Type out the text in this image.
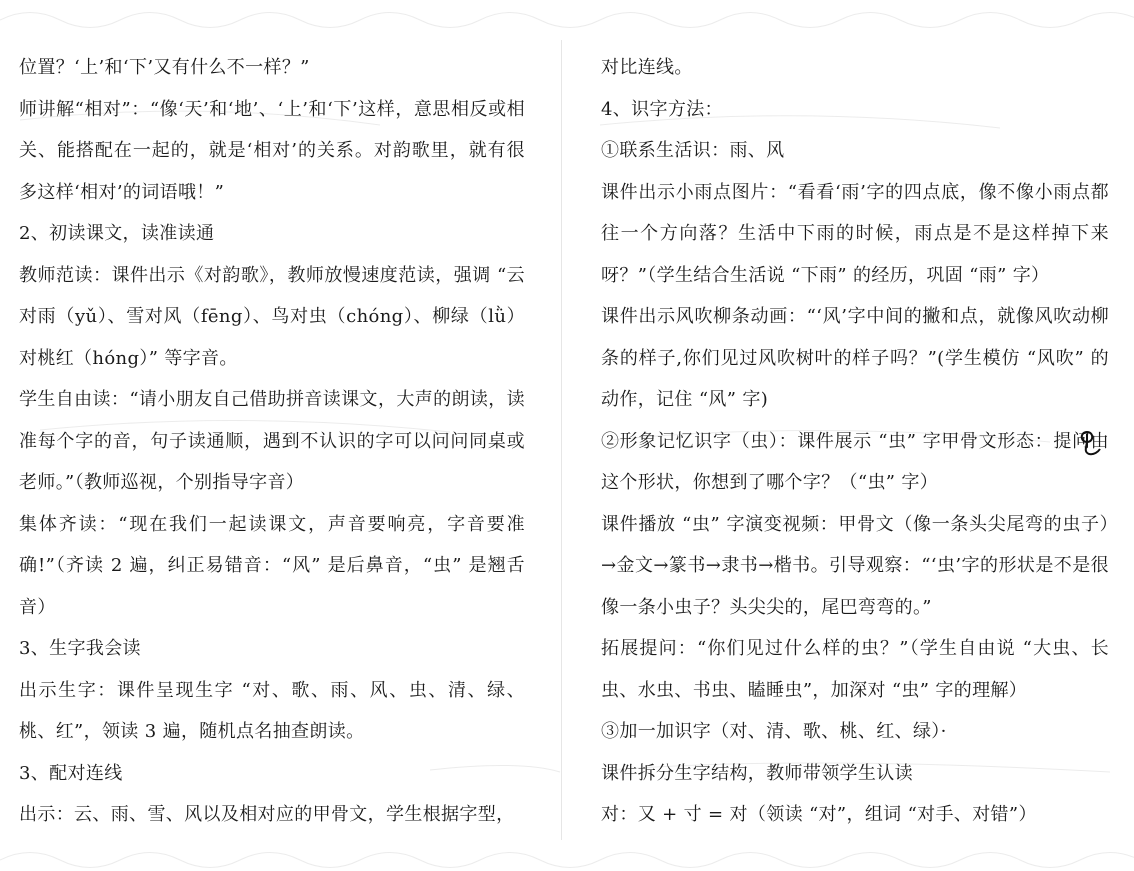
位置？‘上’和‘下’又有什么不一样？”

师讲解“相对”：“像‘天’和‘地’、‘上’和‘下’这样，意思相反或相关、能搭配在一起的，就是‘相对’的关系。对韵歌里，就有很多这样‘相对’的词语哦！”

2、初读课文，读准读通

教师范读：课件出示《对韵歌》，教师放慢速度范读，强调 “云对雨（yǔ）、雪对风（fēng）、鸟对虫（chóng）、柳绿（lǜ）对桃红（hóng）” 等字音。

学生自由读：“请小朋友自己借助拼音读课文，大声的朗读，读准每个字的音，句子读通顺，遇到不认识的字可以问问同桌或老师。”（教师巡视，个别指导字音）

集体齐读：“现在我们一起读课文，声音要响亮，字音要准确!”（齐读 2 遍，纠正易错音：“风” 是后鼻音，“虫” 是翘舌音）

3、生字我会读

出示生字：课件呈现生字 “对、歌、雨、风、虫、清、绿、桃、红”，领读 3 遍，随机点名抽查朗读。

3、配对连线

出示：云、雨、雪、风以及相对应的甲骨文，学生根据字型，

对比连线。

4、识字方法：

①联系生活识：雨、风

课件出示小雨点图片：“看看‘雨’字的四点底，像不像小雨点都往一个方向落？生活中下雨的时候，雨点是不是这样掉下来呀？”（学生结合生活说 “下雨” 的经历，巩固 “雨” 字）

课件出示风吹柳条动画：“‘风’字中间的撇和点，就像风吹动柳条的样子,你们见过风吹树叶的样子吗？”(学生模仿 “风吹” 的动作，记住 “风” 字)

②形象记忆识字（虫）：课件展示 “虫” 字甲骨文形态：提问由这个形状，你想到了哪个字？（“虫” 字）

课件播放 “虫” 字演变视频：甲骨文（像一条头尖尾弯的虫子）→金文→篆书→隶书→楷书。引导观察：“‘虫’字的形状是不是很像一条小虫子？头尖尖的，尾巴弯弯的。”

拓展提问：“你们见过什么样的虫？”（学生自由说 “大虫、长虫、水虫、书虫、瞌睡虫”，加深对 “虫” 字的理解）

③加一加识字（对、清、歌、桃、红、绿）·

课件拆分生字结构，教师带领学生认读

对：又 + 寸 = 对（领读 “对”，组词 “对手、对错”）
